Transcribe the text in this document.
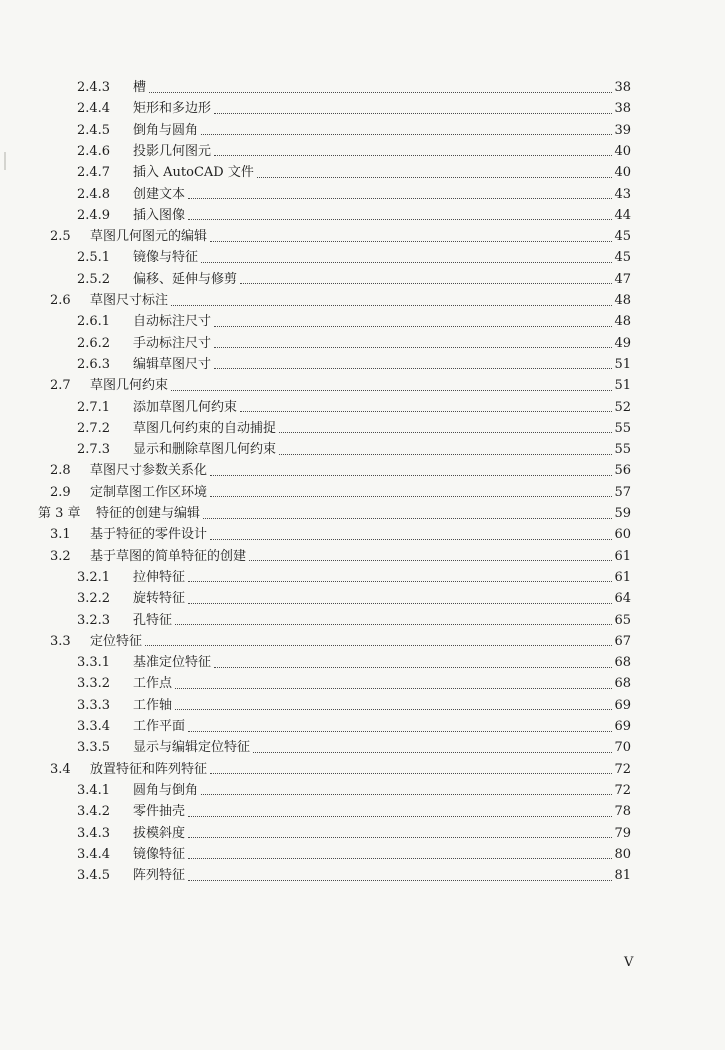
2.4.3	槽	38
2.4.4	矩形和多边形	38
2.4.5	倒角与圆角	39
2.4.6	投影几何图元	40
2.4.7	插入 AutoCAD 文件	40
2.4.8	创建文本	43
2.4.9	插入图像	44
2.5	草图几何图元的编辑	45
2.5.1	镜像与特征	45
2.5.2	偏移、延伸与修剪	47
2.6	草图尺寸标注	48
2.6.1	自动标注尺寸	48
2.6.2	手动标注尺寸	49
2.6.3	编辑草图尺寸	51
2.7	草图几何约束	51
2.7.1	添加草图几何约束	52
2.7.2	草图几何约束的自动捕捉	55
2.7.3	显示和删除草图几何约束	55
2.8	草图尺寸参数关系化	56
2.9	定制草图工作区环境	57
第 3 章	特征的创建与编辑	59
3.1	基于特征的零件设计	60
3.2	基于草图的简单特征的创建	61
3.2.1	拉伸特征	61
3.2.2	旋转特征	64
3.2.3	孔特征	65
3.3	定位特征	67
3.3.1	基准定位特征	68
3.3.2	工作点	68
3.3.3	工作轴	69
3.3.4	工作平面	69
3.3.5	显示与编辑定位特征	70
3.4	放置特征和阵列特征	72
3.4.1	圆角与倒角	72
3.4.2	零件抽壳	78
3.4.3	拔模斜度	79
3.4.4	镜像特征	80
3.4.5	阵列特征	81
V
